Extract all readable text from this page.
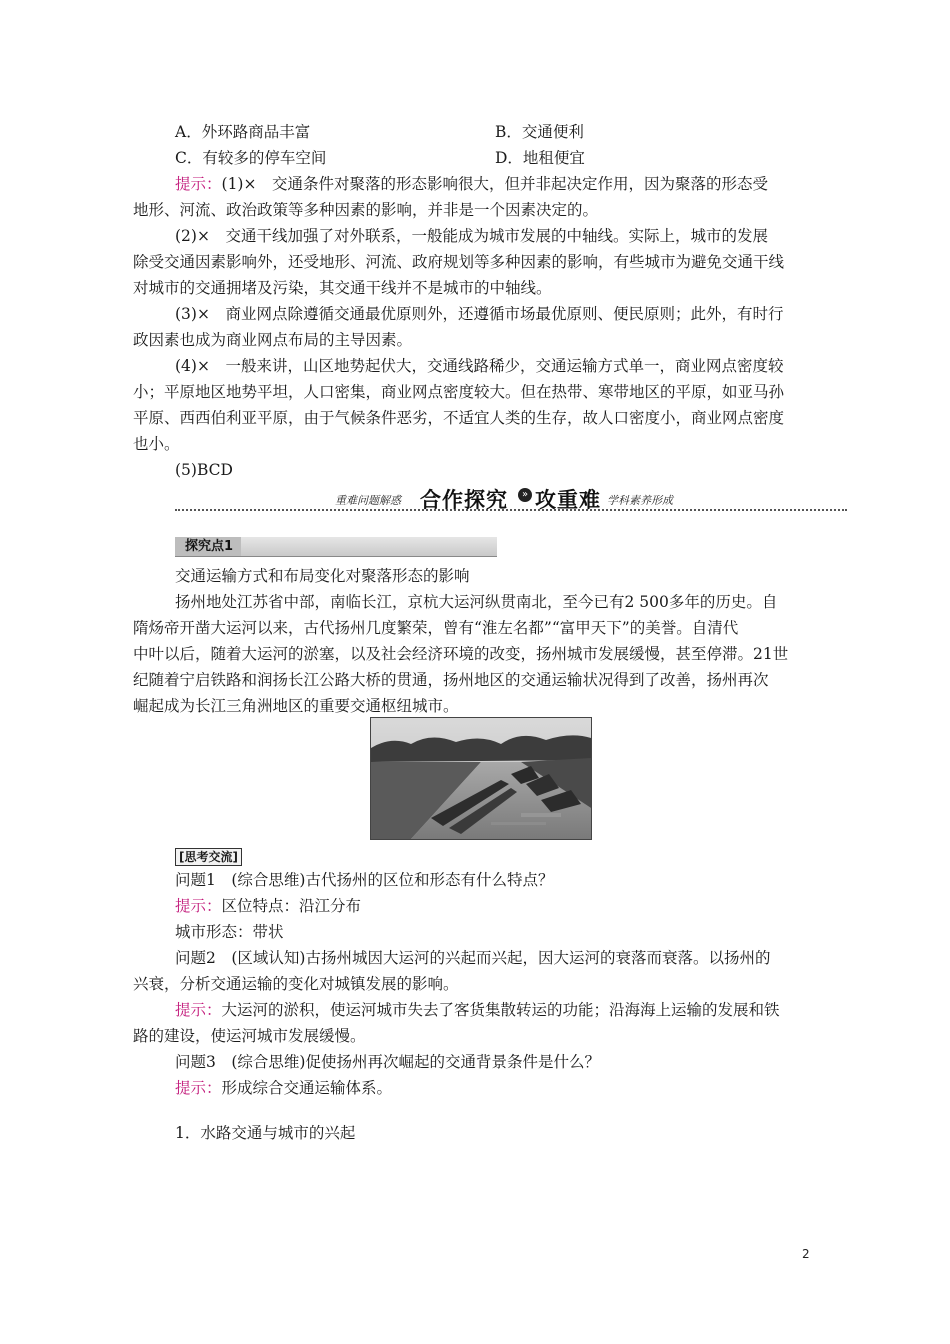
A．外环路商品丰富	B．交通便利
C．有较多的停车空间	D．地租便宜
提示：(1)×　交通条件对聚落的形态影响很大，但并非起决定作用，因为聚落的形态受
地形、河流、政治政策等多种因素的影响，并非是一个因素决定的。
(2)×　交通干线加强了对外联系，一般能成为城市发展的中轴线。实际上，城市的发展
除受交通因素影响外，还受地形、河流、政府规划等多种因素的影响，有些城市为避免交通干线
对城市的交通拥堵及污染，其交通干线并不是城市的中轴线。
(3)×　商业网点除遵循交通最优原则外，还遵循市场最优原则、便民原则；此外，有时行
政因素也成为商业网点布局的主导因素。
(4)×　一般来讲，山区地势起伏大，交通线路稀少，交通运输方式单一，商业网点密度较
小；平原地区地势平坦，人口密集，商业网点密度较大。但在热带、寒带地区的平原，如亚马孙
平原、西西伯利亚平原，由于气候条件恶劣，不适宜人类的生存，故人口密度小，商业网点密度
也小。
(5)BCD
重难问题解惑 合作探究	» 攻重难 学科素养形成
探究点1
交通运输方式和布局变化对聚落形态的影响
扬州地处江苏省中部，南临长江，京杭大运河纵贯南北，至今已有2 500多年的历史。自
隋炀帝开凿大运河以来，古代扬州几度繁荣，曾有“淮左名都”“富甲天下”的美誉。自清代
中叶以后，随着大运河的淤塞，以及社会经济环境的改变，扬州城市发展缓慢，甚至停滞。21世
纪随着宁启铁路和润扬长江公路大桥的贯通，扬州地区的交通运输状况得到了改善，扬州再次
崛起成为长江三角洲地区的重要交通枢纽城市。
[思考交流]
问题1　(综合思维)古代扬州的区位和形态有什么特点？
提示：区位特点：沿江分布
城市形态：带状
问题2　(区域认知)古扬州城因大运河的兴起而兴起，因大运河的衰落而衰落。以扬州的
兴衰，分析交通运输的变化对城镇发展的影响。
提示：大运河的淤积，使运河城市失去了客货集散转运的功能；沿海海上运输的发展和铁
路的建设，使运河城市发展缓慢。
问题3　(综合思维)促使扬州再次崛起的交通背景条件是什么？
提示：形成综合交通运输体系。
1．水路交通与城市的兴起
2
